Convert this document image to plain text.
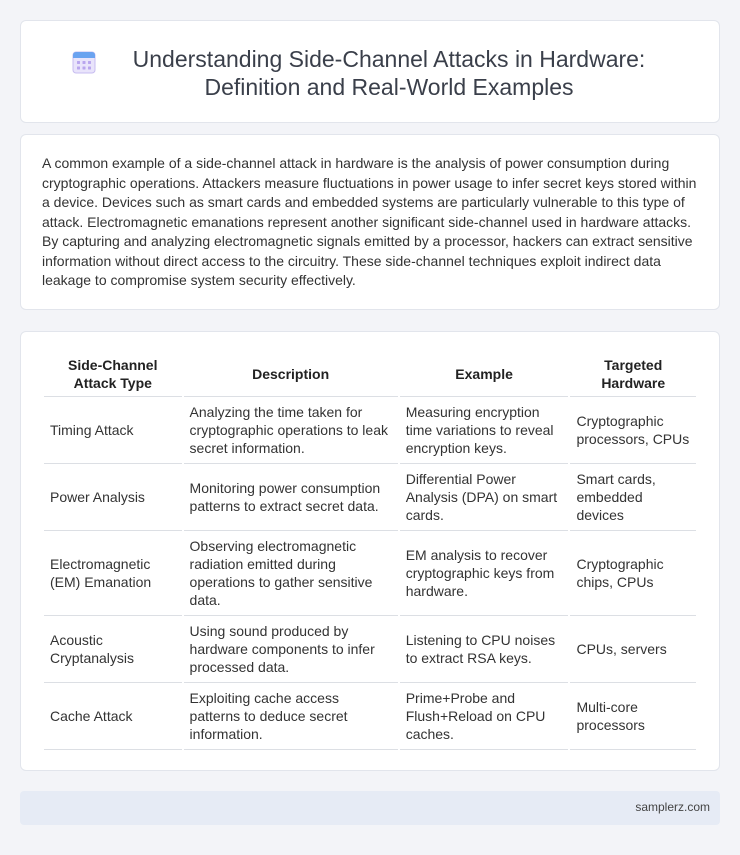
Understanding Side-Channel Attacks in Hardware: Definition and Real-World Examples

A common example of a side-channel attack in hardware is the analysis of power consumption during cryptographic operations. Attackers measure fluctuations in power usage to infer secret keys stored within a device. Devices such as smart cards and embedded systems are particularly vulnerable to this type of attack. Electromagnetic emanations represent another significant side-channel used in hardware attacks. By capturing and analyzing electromagnetic signals emitted by a processor, hackers can extract sensitive information without direct access to the circuitry. These side-channel techniques exploit indirect data leakage to compromise system security effectively.

Side-Channel Attack Type	Description	Example	Targeted Hardware
Timing Attack	Analyzing the time taken for cryptographic operations to leak secret information.	Measuring encryption time variations to reveal encryption keys.	Cryptographic processors, CPUs
Power Analysis	Monitoring power consumption patterns to extract secret data.	Differential Power Analysis (DPA) on smart cards.	Smart cards, embedded devices
Electromagnetic (EM) Emanation	Observing electromagnetic radiation emitted during operations to gather sensitive data.	EM analysis to recover cryptographic keys from hardware.	Cryptographic chips, CPUs
Acoustic Cryptanalysis	Using sound produced by hardware components to infer processed data.	Listening to CPU noises to extract RSA keys.	CPUs, servers
Cache Attack	Exploiting cache access patterns to deduce secret information.	Prime+Probe and Flush+Reload on CPU caches.	Multi-core processors
samplerz.com
